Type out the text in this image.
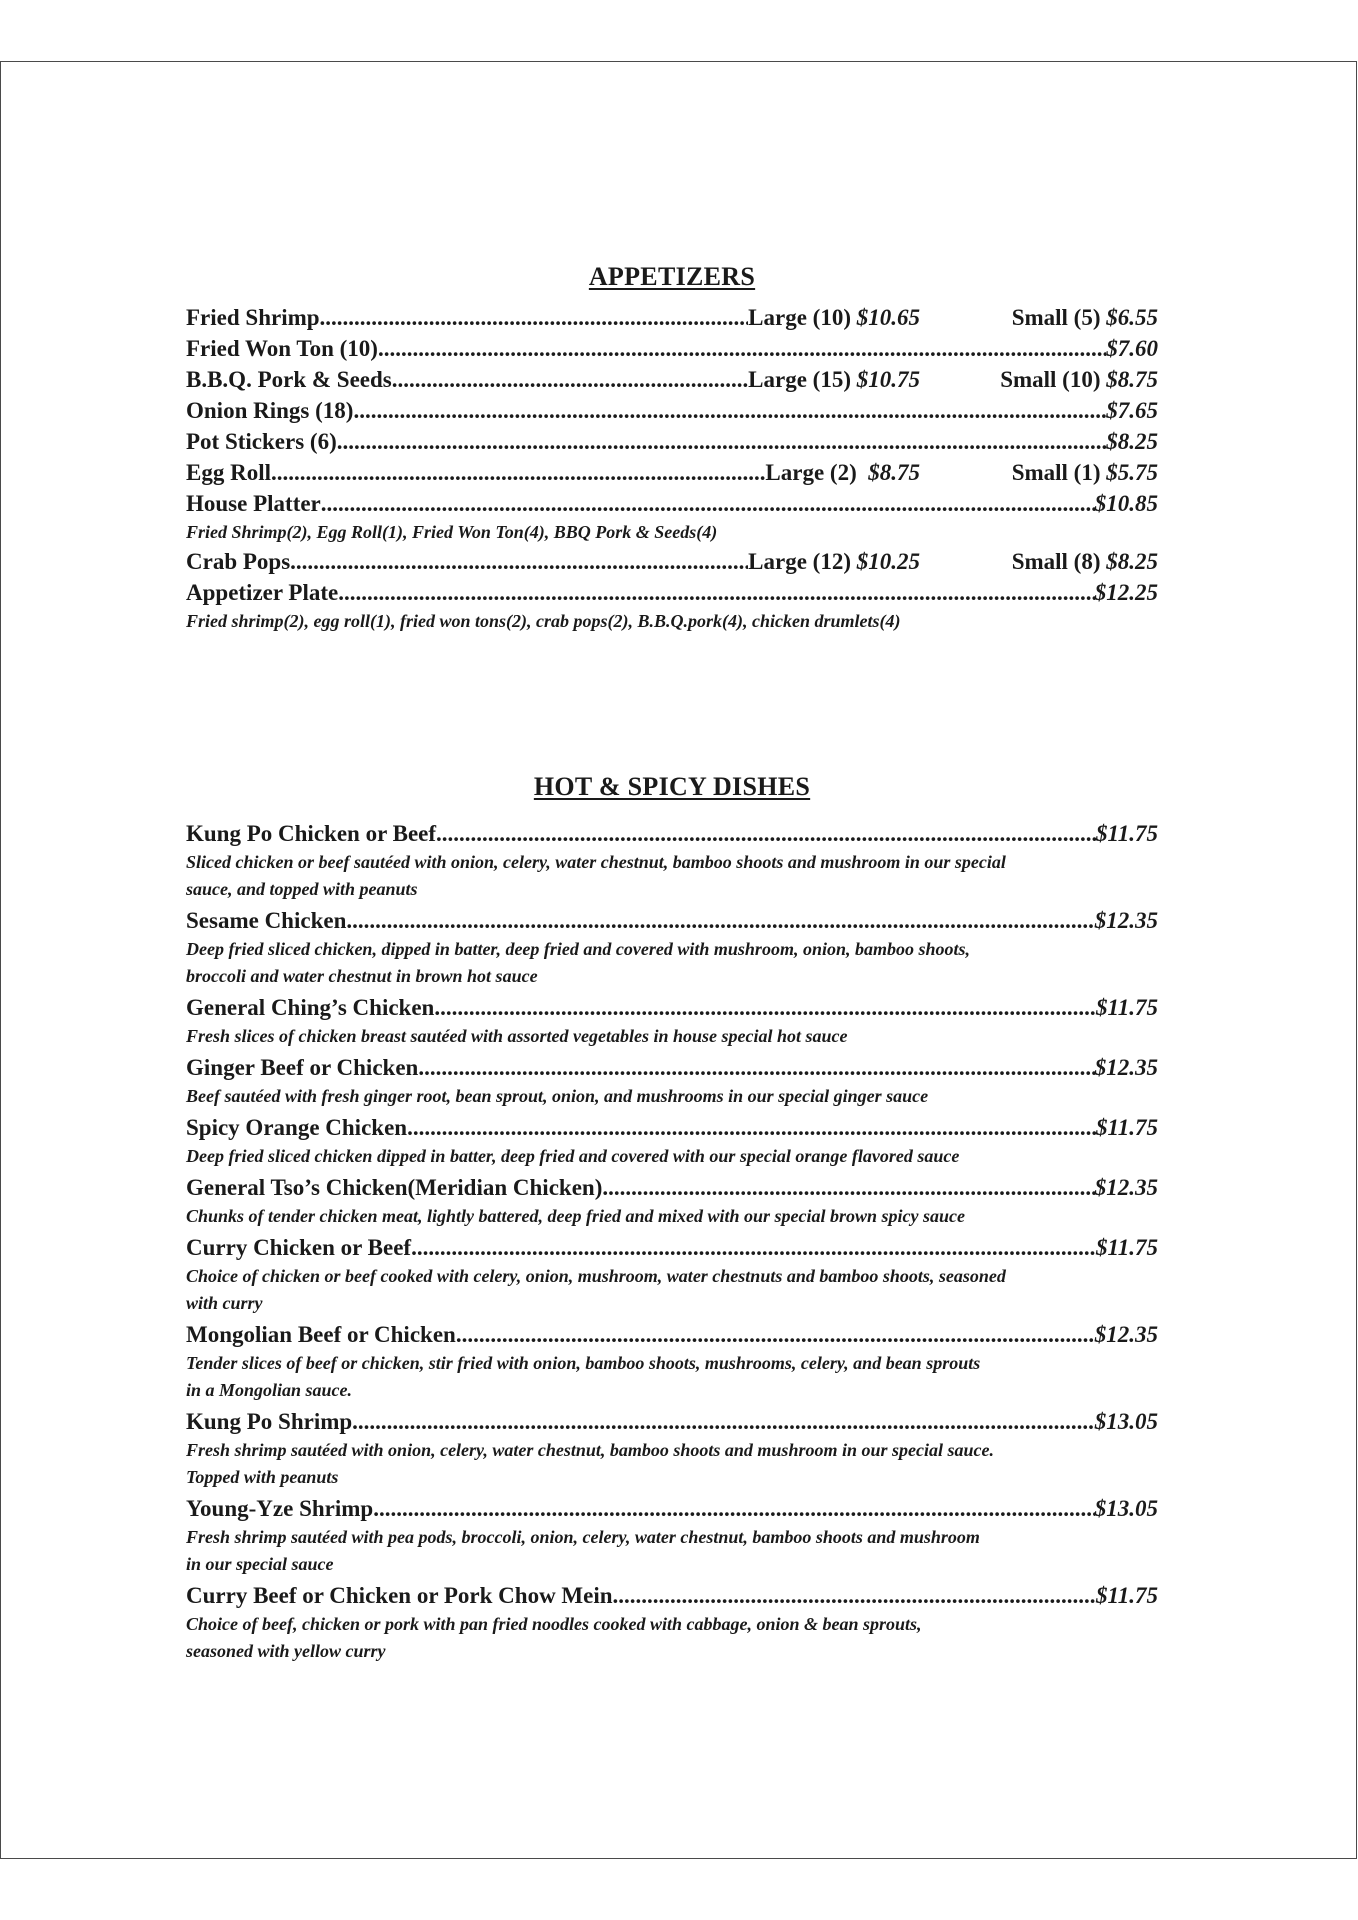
APPETIZERS
Fried Shrimp .....	Large (10) $10.65	Small (5) $6.55
Fried Won Ton (10) .....	$7.60
B.B.Q. Pork & Seeds .....	Large (15) $10.75	Small (10) $8.75
Onion Rings (18) .....	$7.65
Pot Stickers (6) .....	$8.25
Egg Roll .....	Large (2) $8.75	Small (1) $5.75
House Platter .....	$10.85
Fried Shrimp(2), Egg Roll(1), Fried Won Ton(4), BBQ Pork & Seeds(4)
Crab Pops .....	Large (12) $10.25	Small (8) $8.25
Appetizer Plate .....	$12.25
Fried shrimp(2), egg roll(1), fried won tons(2), crab pops(2), B.B.Q.pork(4), chicken drumlets(4)
HOT & SPICY DISHES
Kung Po Chicken or Beef .....	$11.75
Sliced chicken or beef sautéed with onion, celery, water chestnut, bamboo shoots and mushroom in our special
sauce, and topped with peanuts
Sesame Chicken .....	$12.35
Deep fried sliced chicken, dipped in batter, deep fried and covered with mushroom, onion, bamboo shoots,
broccoli and water chestnut in brown hot sauce
General Ching’s Chicken .....	$11.75
Fresh slices of chicken breast sautéed with assorted vegetables in house special hot sauce
Ginger Beef or Chicken .....	$12.35
Beef sautéed with fresh ginger root, bean sprout, onion, and mushrooms in our special ginger sauce
Spicy Orange Chicken .....	$11.75
Deep fried sliced chicken dipped in batter, deep fried and covered with our special orange flavored sauce
General Tso’s Chicken(Meridian Chicken) .....	$12.35
Chunks of tender chicken meat, lightly battered, deep fried and mixed with our special brown spicy sauce
Curry Chicken or Beef .....	$11.75
Choice of chicken or beef cooked with celery, onion, mushroom, water chestnuts and bamboo shoots, seasoned
with curry
Mongolian Beef or Chicken .....	$12.35
Tender slices of beef or chicken, stir fried with onion, bamboo shoots, mushrooms, celery, and bean sprouts
in a Mongolian sauce.
Kung Po Shrimp .....	$13.05
Fresh shrimp sautéed with onion, celery, water chestnut, bamboo shoots and mushroom in our special sauce.
Topped with peanuts
Young-Yze Shrimp .....	$13.05
Fresh shrimp sautéed with pea pods, broccoli, onion, celery, water chestnut, bamboo shoots and mushroom
in our special sauce
Curry Beef or Chicken or Pork Chow Mein .....	$11.75
Choice of beef, chicken or pork with pan fried noodles cooked with cabbage, onion & bean sprouts,
seasoned with yellow curry
